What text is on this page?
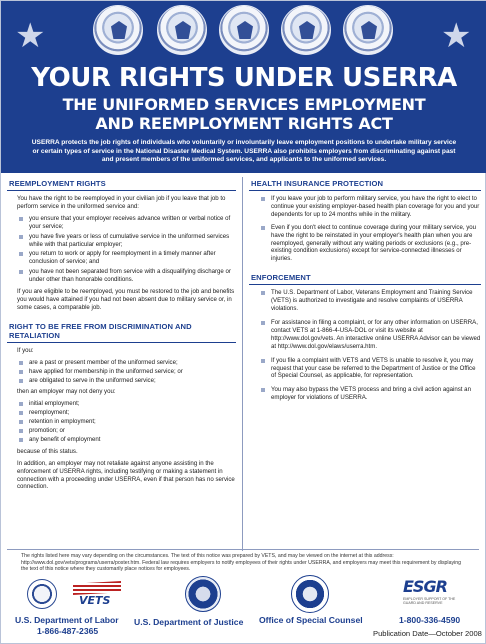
★	★
YOUR RIGHTS UNDER USERRA
THE UNIFORMED SERVICES EMPLOYMENT
AND REEMPLOYMENT RIGHTS ACT
USERRA protects the job rights of individuals who voluntarily or involuntarily leave employment positions to undertake military service or certain types of service in the National Disaster Medical System. USERRA also prohibits employers from discriminating against past and present members of the uniformed services, and applicants to the uniformed services.
REEMPLOYMENT RIGHTS

You have the right to be reemployed in your civilian job if you leave that job to perform service in the uniformed service and:

you ensure that your employer receives advance written or verbal notice of your service;
you have five years or less of cumulative service in the uniformed services while with that particular employer;
you return to work or apply for reemployment in a timely manner after conclusion of service; and
you have not been separated from service with a disqualifying discharge or under other than honorable conditions.

If you are eligible to be reemployed, you must be restored to the job and benefits you would have attained if you had not been absent due to military service or, in some cases, a comparable job.

RIGHT TO BE FREE FROM DISCRIMINATION AND RETALIATION

If you:

are a past or present member of the uniformed service;
have applied for membership in the uniformed service; or
are obligated to serve in the uniformed service;

then an employer may not deny you:

initial employment;
reemployment;
retention in employment;
promotion; or
any benefit of employment

because of this status.

In addition, an employer may not retaliate against anyone assisting in the enforcement of USERRA rights, including testifying or making a statement in connection with a proceeding under USERRA, even if that person has no service connection.

HEALTH INSURANCE PROTECTION
If you leave your job to perform military service, you have the right to elect to continue your existing employer-based health plan coverage for you and your dependents for up to 24 months while in the military.
Even if you don't elect to continue coverage during your military service, you have the right to be reinstated in your employer's health plan when you are reemployed, generally without any waiting periods or exclusions (e.g., pre-existing condition exclusions) except for service-connected illnesses or injuries.
ENFORCEMENT
The U.S. Department of Labor, Veterans Employment and Training Service (VETS) is authorized to investigate and resolve complaints of USERRA violations.
For assistance in filing a complaint, or for any other information on USERRA, contact VETS at 1-866-4-USA-DOL or visit its website at http://www.dol.gov/vets. An interactive online USERRA Advisor can be viewed at http://www.dol.gov/elaws/userra.htm.
If you file a complaint with VETS and VETS is unable to resolve it, you may request that your case be referred to the Department of Justice or the Office of Special Counsel, as applicable, for representation.
You may also bypass the VETS process and bring a civil action against an employer for violations of USERRA.
The rights listed here may vary depending on the circumstances. The text of this notice was prepared by VETS, and may be viewed on the internet at this address: http://www.dol.gov/vets/programs/userra/poster.htm. Federal law requires employers to notify employees of their rights under USERRA, and employers may meet this requirement by displaying the text of this notice where they customarily place notices for employees.
VETS
ESGR
EMPLOYER SUPPORT OF THE GUARD AND RESERVE
U.S. Department of Labor
1-866-487-2365
U.S. Department of Justice Office of Special Counsel	1-800-336-4590
Publication Date—October 2008
